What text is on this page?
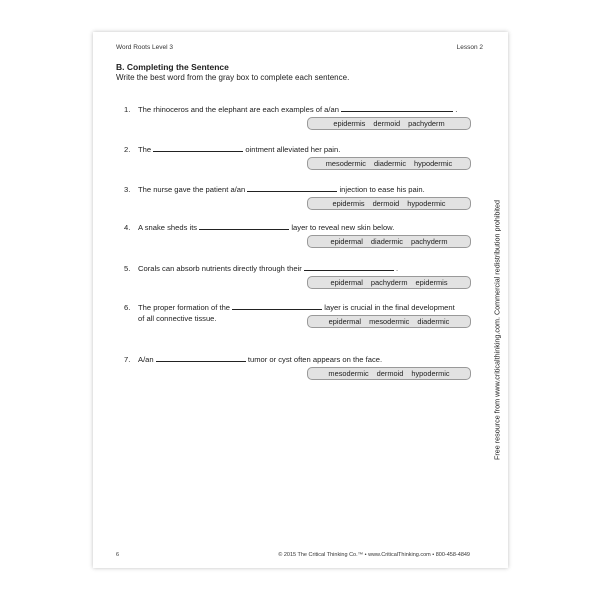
Word Roots Level 3	Lesson 2
B. Completing the Sentence
Write the best word from the gray box to complete each sentence.
1. The rhinoceros and the elephant are each examples of a/an	.
epidermis dermoid pachyderm
2. The	ointment alleviated her pain.
mesodermic diadermic hypodermic
3. The nurse gave the patient a/an	injection to ease his pain.
epidermis dermoid hypodermic
4. A snake sheds its	layer to reveal new skin below.
epidermal diadermic pachyderm
5. Corals can absorb nutrients directly through their	.
epidermal pachyderm epidermis
6. The proper formation of the	layer is crucial in the final development
of all connective tissue.	epidermal mesodermic diadermic
7. A/an	tumor or cyst often appears on the face.
mesodermic dermoid hypodermic
6	© 2015 The Critical Thinking Co.™ • www.CriticalThinking.com • 800-458-4849
Free resource from www.criticalthinking.com. Commercial redistribution prohibited
